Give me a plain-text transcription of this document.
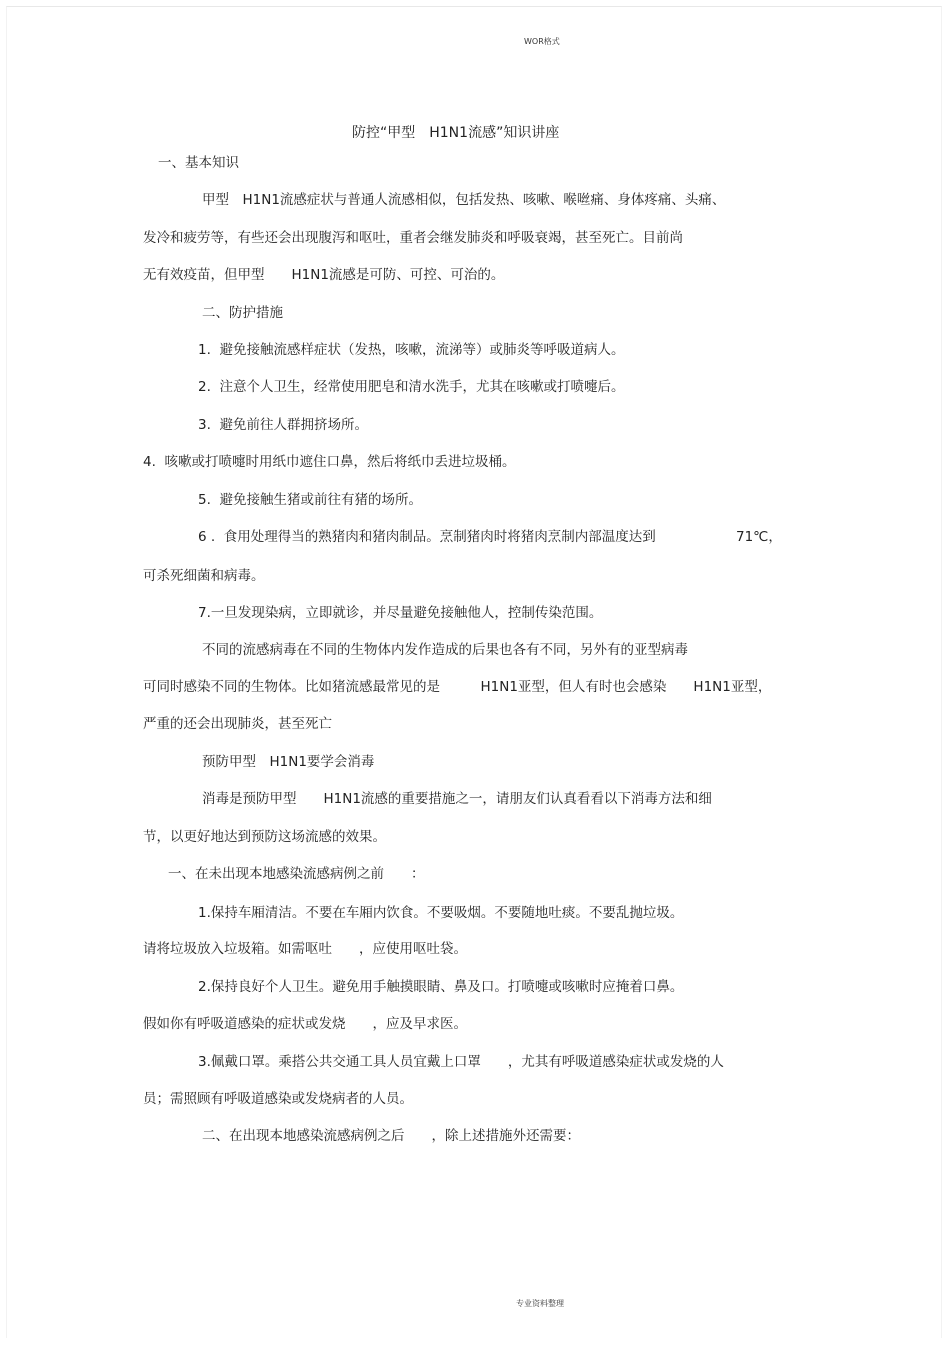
WOR格式
防控“甲型　H1N1流感”知识讲座
一、基本知识
甲型　H1N1流感症状与普通人流感相似，包括发热、咳嗽、喉咝痛、身体疼痛、头痛、
发冷和疲劳等，有些还会出现腹泻和呕吐，重者会继发肺炎和呼吸衰竭，甚至死亡。目前尚
无有效疫苗，但甲型　　H1N1流感是可防、可控、可治的。
二、防护措施
1.  避免接触流感样症状（发热，咳嗽，流涕等）或肺炎等呼吸道病人。
2.  注意个人卫生，经常使用肥皂和清水洗手，尤其在咳嗽或打喷嚏后。
3.  避免前往人群拥挤场所。
4.  咳嗽或打喷嚏时用纸巾遮住口鼻，然后将纸巾丢进垃圾桶。
5.  避免接触生猪或前往有猪的场所。
6 .  食用处理得当的熟猪肉和猪肉制品。烹制猪肉时将猪肉烹制内部温度达到	71℃，
可杀死细菌和病毒。
7.一旦发现染病，立即就诊，并尽量避免接触他人，控制传染范围。
不同的流感病毒在不同的生物体内发作造成的后果也各有不同，另外有的亚型病毒
可同时感染不同的生物体。比如猪流感最常见的是　　　H1N1亚型，但人有时也会感染　　H1N1亚型，
严重的还会出现肺炎，甚至死亡
预防甲型　H1N1要学会消毒
消毒是预防甲型　　H1N1流感的重要措施之一，请朋友们认真看看以下消毒方法和细
节，以更好地达到预防这场流感的效果。
一、在未出现本地感染流感病例之前　　：
1.保持车厢清洁。不要在车厢内饮食。不要吸烟。不要随地吐痰。不要乱抛垃圾。
请将垃圾放入垃圾箱。如需呕吐　　，应使用呕吐袋。
2.保持良好个人卫生。避免用手触摸眼睛、鼻及口。打喷嚏或咳嗽时应掩着口鼻。
假如你有呼吸道感染的症状或发烧　　，应及早求医。
3.佩戴口罩。乘搭公共交通工具人员宜戴上口罩　　，尤其有呼吸道感染症状或发烧的人
员；需照顾有呼吸道感染或发烧病者的人员。
二、在出现本地感染流感病例之后　　，除上述措施外还需要：
专业资料整理
